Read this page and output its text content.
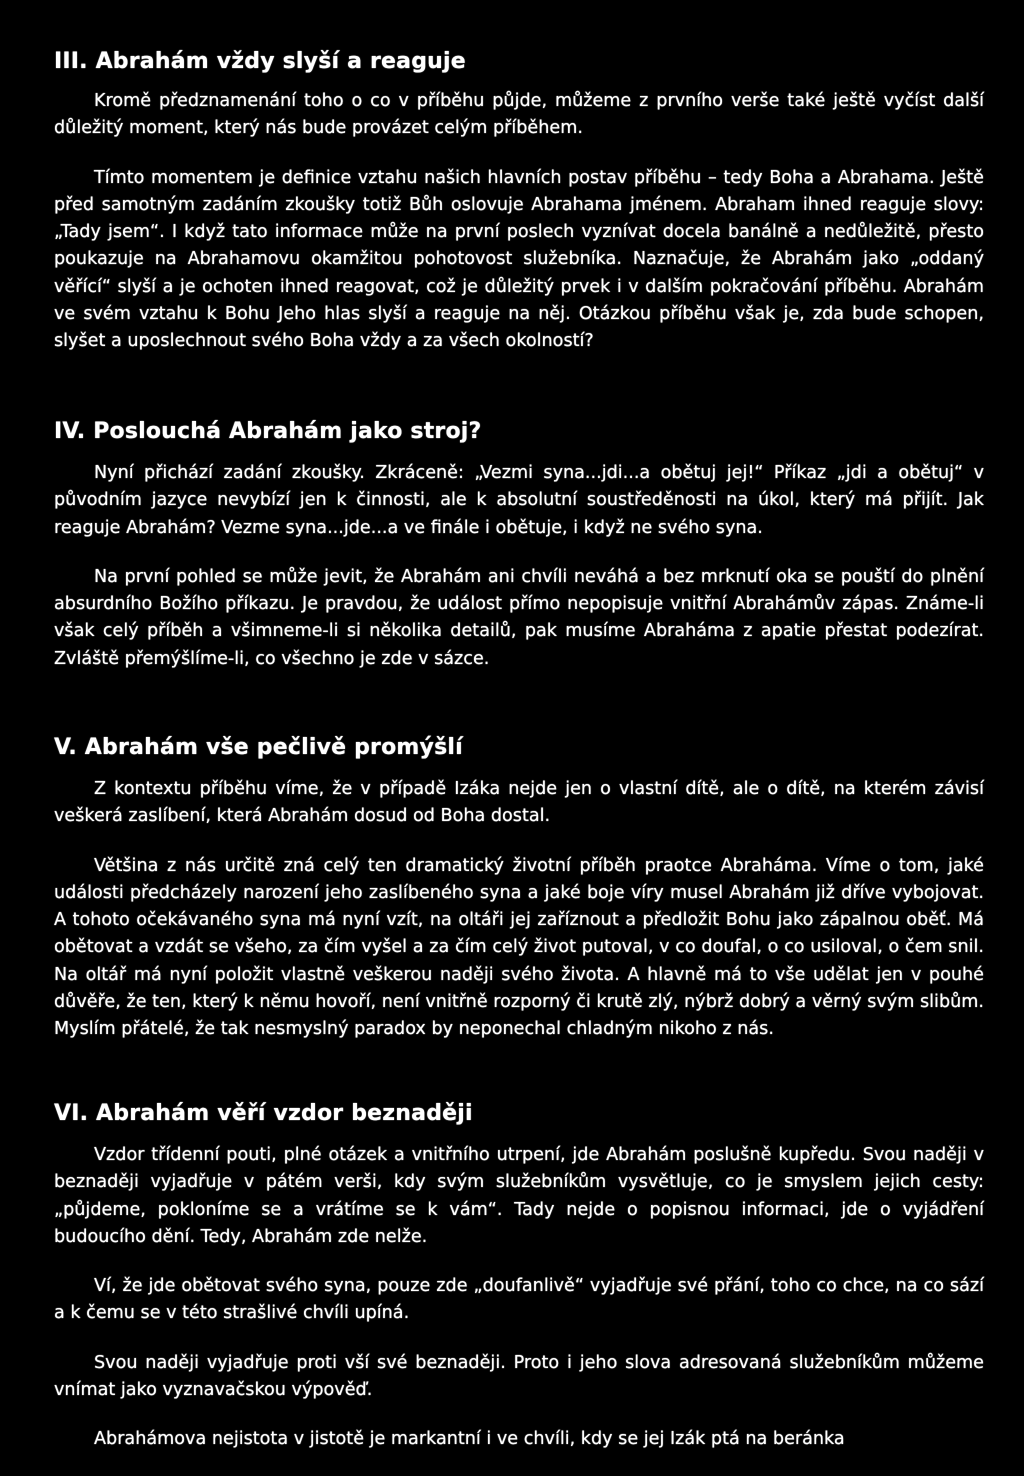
III. Abrahám vždy slyší a reaguje

Kromě předznamenání toho o co v příběhu půjde, můžeme z prvního verše také ještě vyčíst další důležitý moment, který nás bude provázet celým příběhem.

Tímto momentem je definice vztahu našich hlavních postav příběhu – tedy Boha a Abrahama. Ještě před samotným zadáním zkoušky totiž Bůh oslovuje Abrahama jménem. Abraham ihned reaguje slovy: „Tady jsem“. I když tato informace může na první poslech vyznívat docela banálně a nedůležitě, přesto poukazuje na Abrahamovu okamžitou pohotovost služebníka. Naznačuje, že Abrahám jako „oddaný věřící“ slyší a je ochoten ihned reagovat, což je důležitý prvek i v dalším pokračování příběhu. Abrahám ve svém vztahu k Bohu Jeho hlas slyší a reaguje na něj. Otázkou příběhu však je, zda bude schopen, slyšet a uposlechnout svého Boha vždy a za všech okolností?

IV. Poslouchá Abrahám jako stroj?

Nyní přichází zadání zkoušky. Zkráceně: „Vezmi syna...jdi...a obětuj jej!“ Příkaz „jdi a obětuj“ v původním jazyce nevybízí jen k činnosti, ale k absolutní soustředěnosti na úkol, který má přijít. Jak reaguje Abrahám? Vezme syna...jde...a ve finále i obětuje, i když ne svého syna.

Na první pohled se může jevit, že Abrahám ani chvíli neváhá a bez mrknutí oka se pouští do plnění absurdního Božího příkazu. Je pravdou, že událost přímo nepopisuje vnitřní Abrahámův zápas. Známe-li však celý příběh a všimneme-li si několika detailů, pak musíme Abraháma z apatie přestat podezírat. Zvláště přemýšlíme-li, co všechno je zde v sázce.

V. Abrahám vše pečlivě promýšlí

Z kontextu příběhu víme, že v případě Izáka nejde jen o vlastní dítě, ale o dítě, na kterém závisí veškerá zaslíbení, která Abrahám dosud od Boha dostal.

Většina z nás určitě zná celý ten dramatický životní příběh praotce Abraháma. Víme o tom, jaké události předcházely narození jeho zaslíbeného syna a jaké boje víry musel Abrahám již dříve vybojovat. A tohoto očekávaného syna má nyní vzít, na oltáři jej zaříznout a předložit Bohu jako zápalnou oběť. Má obětovat a vzdát se všeho, za čím vyšel a za čím celý život putoval, v co doufal, o co usiloval, o čem snil. Na oltář má nyní položit vlastně veškerou naději svého života. A hlavně má to vše udělat jen v pouhé důvěře, že ten, který k němu hovoří, není vnitřně rozporný či krutě zlý, nýbrž dobrý a věrný svým slibům. Myslím přátelé, že tak nesmyslný paradox by neponechal chladným nikoho z nás.

VI. Abrahám věří vzdor beznaději

Vzdor třídenní pouti, plné otázek a vnitřního utrpení, jde Abrahám poslušně kupředu. Svou naději v beznaději vyjadřuje v pátém verši, kdy svým služebníkům vysvětluje, co je smyslem jejich cesty: „půjdeme, pokloníme se a vrátíme se k vám“. Tady nejde o popisnou informaci, jde o vyjádření budoucího dění. Tedy, Abrahám zde nelže.

Ví, že jde obětovat svého syna, pouze zde „doufanlivě“ vyjadřuje své přání, toho co chce, na co sází a k čemu se v této strašlivé chvíli upíná.

Svou naději vyjadřuje proti vší své beznaději. Proto i jeho slova adresovaná služebníkům můžeme vnímat jako vyznavačskou výpověď.

Abrahámova nejistota v jistotě je markantní i ve chvíli, kdy se jej Izák ptá na beránka
